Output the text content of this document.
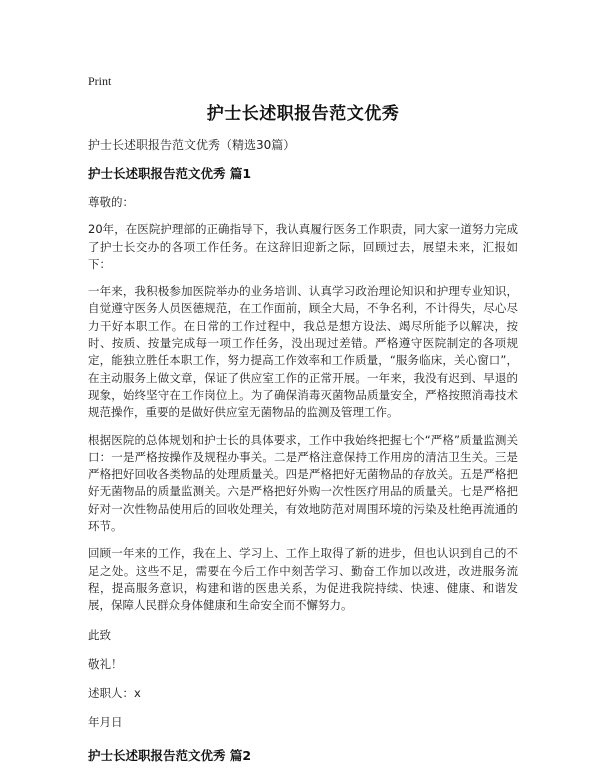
Print
护士长述职报告范文优秀
护士长述职报告范文优秀（精选30篇）
护士长述职报告范文优秀 篇1
尊敬的：
20年，在医院护理部的正确指导下，我认真履行医务工作职责，同大家一道努力完成了护士长交办的各项工作任务。在这辞旧迎新之际，回顾过去，展望未来，汇报如下：
一年来，我积极参加医院举办的业务培训、认真学习政治理论知识和护理专业知识，自觉遵守医务人员医德规范，在工作面前，顾全大局，不争名利，不计得失，尽心尽力干好本职工作。在日常的工作过程中，我总是想方设法、竭尽所能予以解决，按时、按质、按量完成每一项工作任务，没出现过差错。严格遵守医院制定的各项规定，能独立胜任本职工作，努力提高工作效率和工作质量，“服务临床，关心窗口”，在主动服务上做文章，保证了供应室工作的正常开展。一年来，我没有迟到、早退的现象，始终坚守在工作岗位上。为了确保消毒灭菌物品质量安全，严格按照消毒技术规范操作，重要的是做好供应室无菌物品的监测及管理工作。
根据医院的总体规划和护士长的具体要求，工作中我始终把握七个“严格”质量监测关口：一是严格按操作及规程办事关。二是严格注意保持工作用房的清洁卫生关。三是严格把好回收各类物品的处理质量关。四是严格把好无菌物品的存放关。五是严格把好无菌物品的质量监测关。六是严格把好外购一次性医疗用品的质量关。七是严格把好对一次性物品使用后的回收处理关，有效地防范对周围环境的污染及杜绝再流通的环节。
回顾一年来的工作，我在上、学习上、工作上取得了新的进步，但也认识到自己的不足之处。这些不足，需要在今后工作中刻苦学习、勤奋工作加以改进，改进服务流程，提高服务意识，构建和谐的医患关系，为促进我院持续、快速、健康、和谐发展，保障人民群众身体健康和生命安全而不懈努力。
此致
敬礼！
述职人：x
年月日
护士长述职报告范文优秀 篇2
